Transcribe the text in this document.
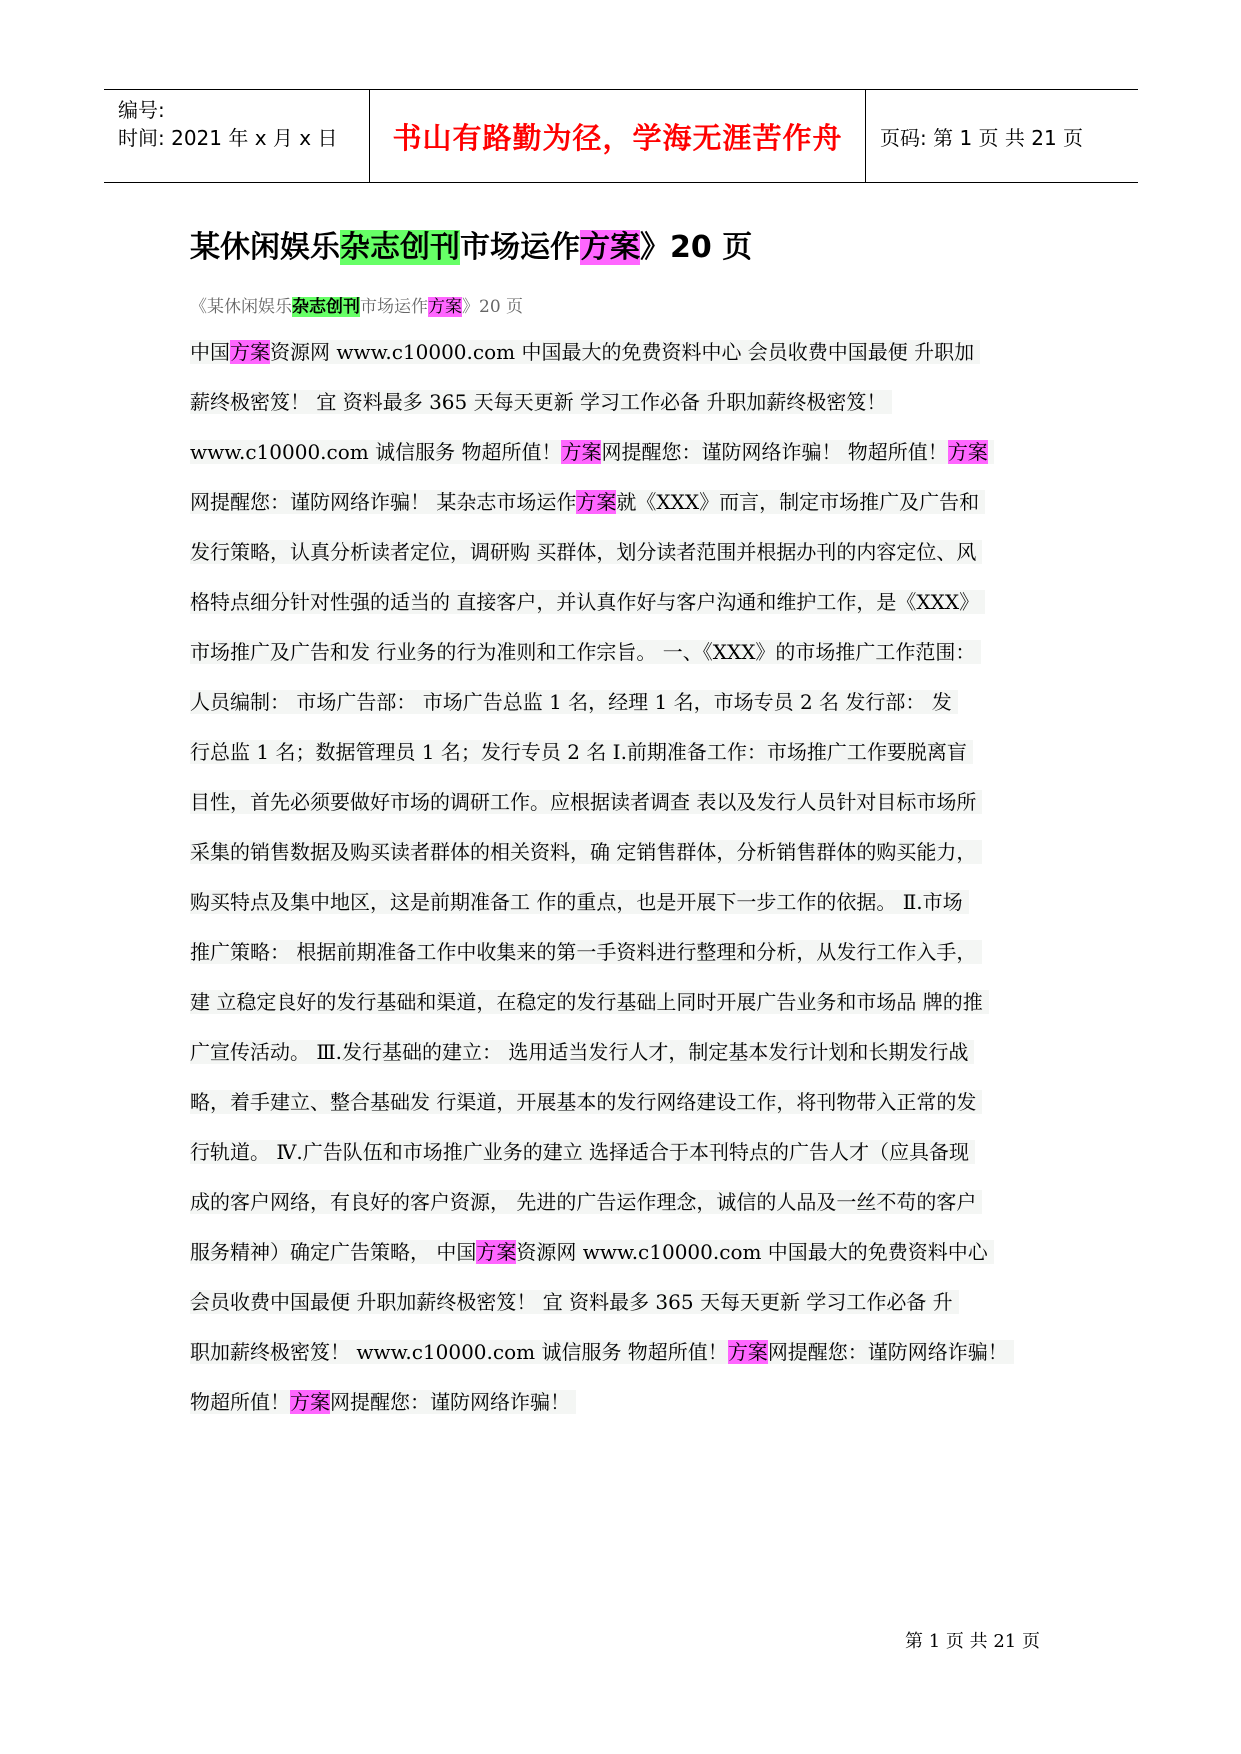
编号:
时间: 2021 年 x 月 x 日	书山有路勤为径，学海无涯苦作舟	页码: 第 1 页 共 21 页
某休闲娱乐杂志创刊市场运作方案》20 页
《某休闲娱乐杂志创刊市场运作方案》20 页
中国方案资源网 www.c10000.com 中国最大的免费资料中心 会员收费中国最便 升职加
薪终极密笈！ 宜 资料最多 365 天每天更新 学习工作必备 升职加薪终极密笈！
www.c10000.com 诚信服务 物超所值！方案网提醒您：谨防网络诈骗！ 物超所值！方案
网提醒您：谨防网络诈骗！ 某杂志市场运作方案就《XXX》而言，制定市场推广及广告和
发行策略，认真分析读者定位，调研购 买群体，划分读者范围并根据办刊的内容定位、风
格特点细分针对性强的适当的 直接客户，并认真作好与客户沟通和维护工作，是《XXX》
市场推广及广告和发 行业务的行为准则和工作宗旨。 一、《XXX》的市场推广工作范围：
人员编制： 市场广告部： 市场广告总监 1 名，经理 1 名，市场专员 2 名 发行部： 发
行总监 1 名；数据管理员 1 名；发行专员 2 名 Ⅰ.前期准备工作：市场推广工作要脱离盲
目性，首先必须要做好市场的调研工作。应根据读者调查 表以及发行人员针对目标市场所
采集的销售数据及购买读者群体的相关资料，确 定销售群体，分析销售群体的购买能力，
购买特点及集中地区，这是前期准备工 作的重点，也是开展下一步工作的依据。 Ⅱ.市场
推广策略： 根据前期准备工作中收集来的第一手资料进行整理和分析，从发行工作入手，
建 立稳定良好的发行基础和渠道，在稳定的发行基础上同时开展广告业务和市场品 牌的推
广宣传活动。 Ⅲ.发行基础的建立： 选用适当发行人才，制定基本发行计划和长期发行战
略，着手建立、整合基础发 行渠道，开展基本的发行网络建设工作，将刊物带入正常的发
行轨道。 Ⅳ.广告队伍和市场推广业务的建立 选择适合于本刊特点的广告人才（应具备现
成的客户网络，有良好的客户资源， 先进的广告运作理念，诚信的人品及一丝不苟的客户
服务精神）确定广告策略， 中国方案资源网 www.c10000.com 中国最大的免费资料中心
会员收费中国最便 升职加薪终极密笈！ 宜 资料最多 365 天每天更新 学习工作必备 升
职加薪终极密笈！ www.c10000.com 诚信服务 物超所值！方案网提醒您：谨防网络诈骗！
物超所值！方案网提醒您：谨防网络诈骗！
第 1 页 共 21 页
